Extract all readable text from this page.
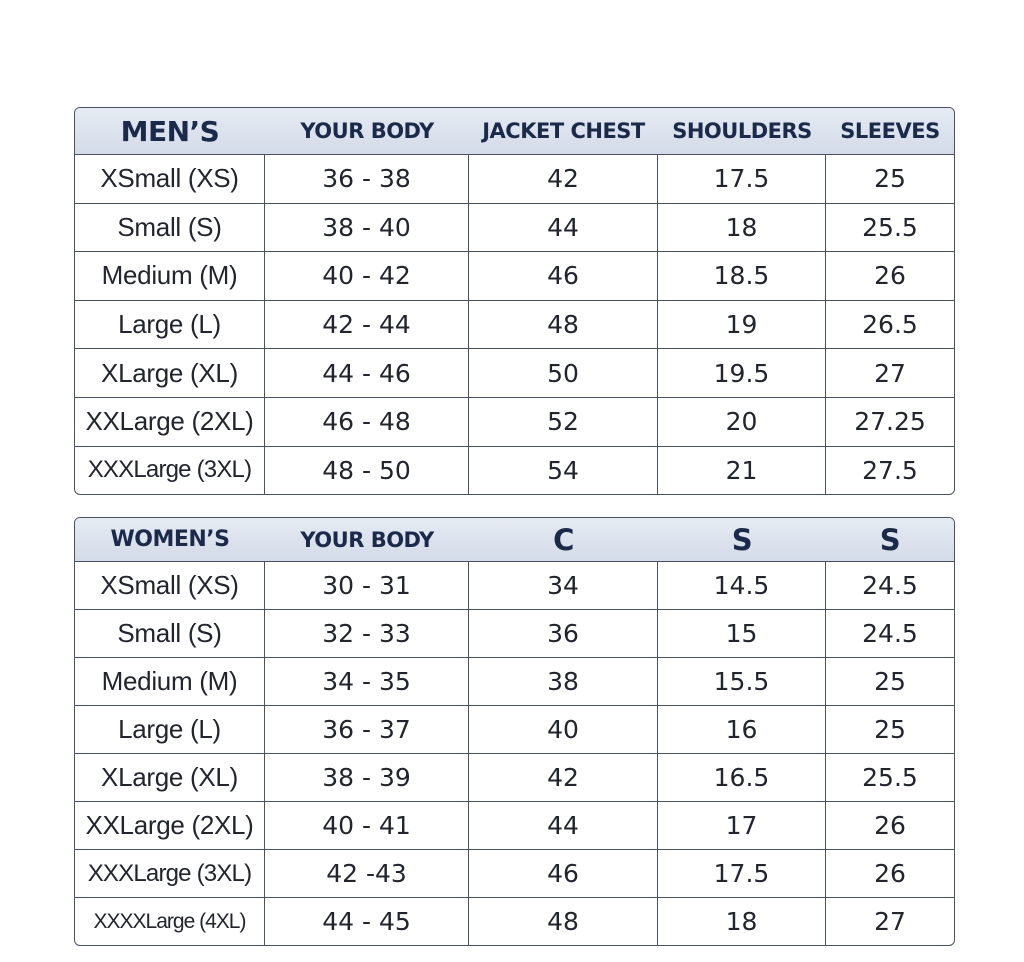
MEN’S	YOUR BODY	JACKET CHEST	SHOULDERS	SLEEVES
XSmall (XS)	36 - 38	42	17.5	25
Small (S)	38 - 40	44	18	25.5
Medium (M)	40 - 42	46	18.5	26
Large (L)	42 - 44	48	19	26.5
XLarge (XL)	44 - 46	50	19.5	27
XXLarge (2XL)	46 - 48	52	20	27.25
XXXLarge (3XL)	48 - 50	54	21	27.5
WOMEN’S	YOUR BODY	C	S	S
XSmall (XS)	30 - 31	34	14.5	24.5
Small (S)	32 - 33	36	15	24.5
Medium (M)	34 - 35	38	15.5	25
Large (L)	36 - 37	40	16	25
XLarge (XL)	38 - 39	42	16.5	25.5
XXLarge (2XL)	40 - 41	44	17	26
XXXLarge (3XL)	42 -43	46	17.5	26
XXXXLarge (4XL)	44 - 45	48	18	27
